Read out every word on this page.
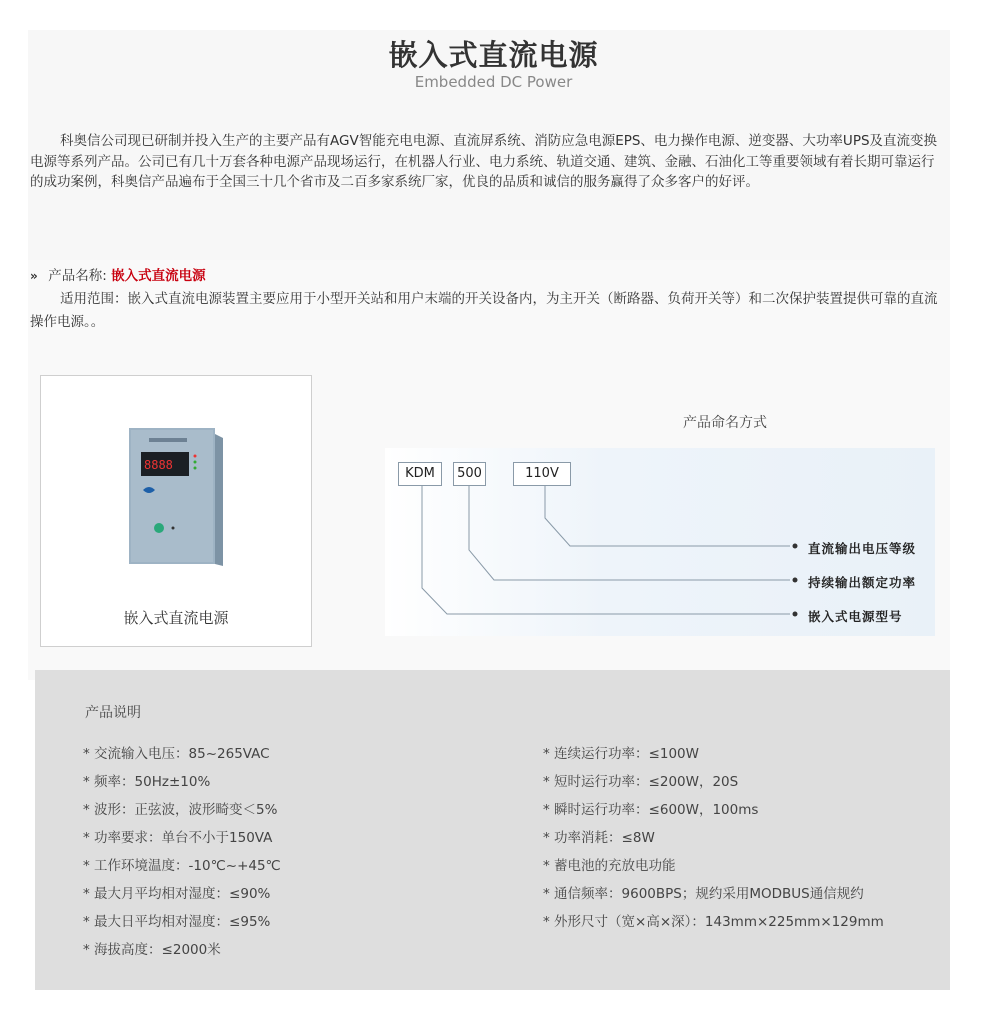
嵌入式直流电源
Embedded DC Power

科奥信公司现已研制并投入生产的主要产品有AGV智能充电电源、直流屏系统、消防应急电源EPS、电力操作电源、逆变器、大功率UPS及直流变换电源等系列产品。公司已有几十万套各种电源产品现场运行，在机器人行业、电力系统、轨道交通、建筑、金融、石油化工等重要领域有着长期可靠运行的成功案例，科奥信产品遍布于全国三十几个省市及二百多家系统厂家，优良的品质和诚信的服务赢得了众多客户的好评。

» 产品名称: 嵌入式直流电源

适用范围：嵌入式直流电源装置主要应用于小型开关站和用户末端的开关设备内，为主开关（断路器、负荷开关等）和二次保护装置提供可靠的直流操作电源。。

8888
嵌入式直流电源
产品命名方式
KDM	500	110V
直流输出电压等级
持续输出额定功率
嵌入式电源型号
产品说明
* 交流输入电压：85~265VAC
* 频率：50Hz±10%
* 波形：正弦波，波形畸变＜5%
* 功率要求：单台不小于150VA
* 工作环境温度：-10℃~+45℃
* 最大月平均相对湿度：≤90%
* 最大日平均相对湿度：≤95%
* 海拔高度：≤2000米
* 连续运行功率：≤100W
* 短时运行功率：≤200W，20S
* 瞬时运行功率：≤600W，100ms
* 功率消耗：≤8W
* 蓄电池的充放电功能
* 通信频率：9600BPS；规约采用MODBUS通信规约
* 外形尺寸（宽×高×深）：143mm×225mm×129mm
